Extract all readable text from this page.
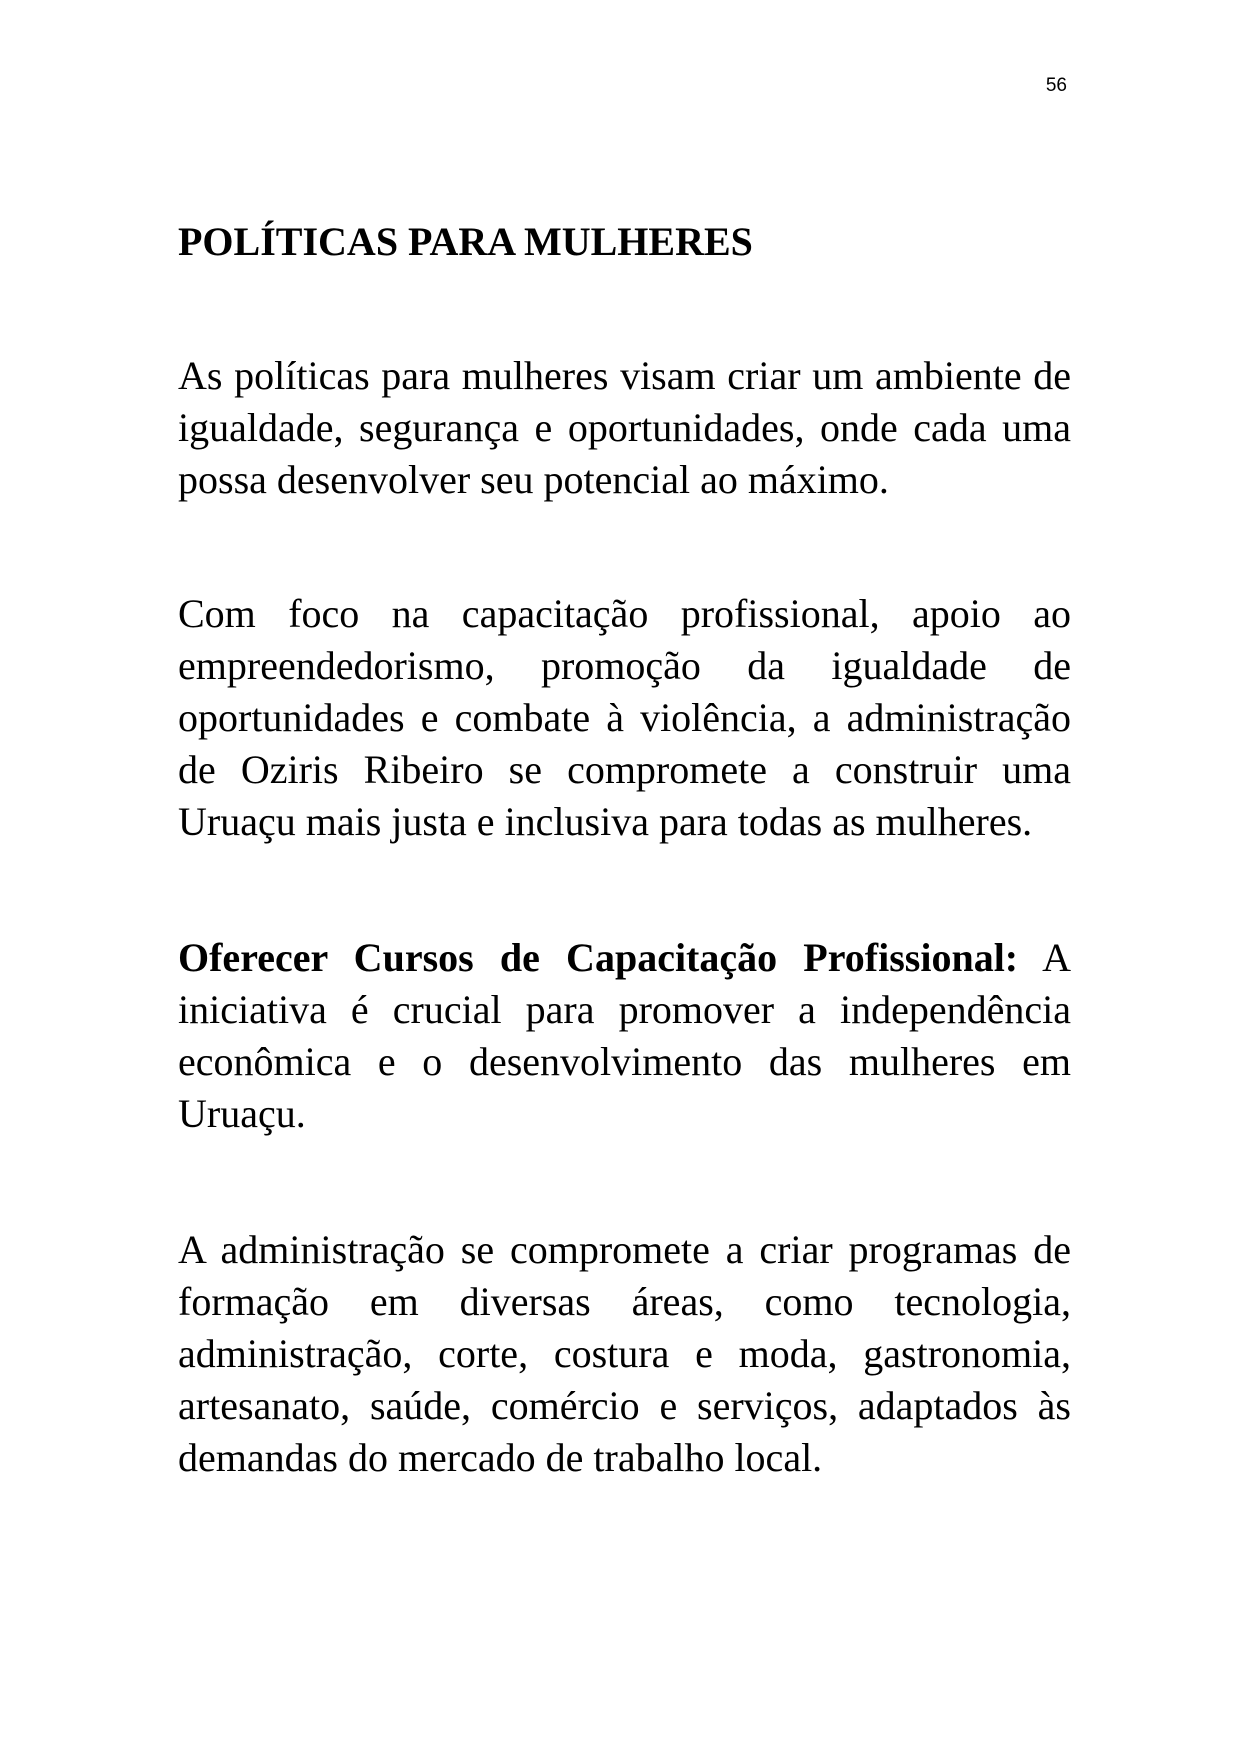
56
POLÍTICAS PARA MULHERES

As políticas para mulheres visam criar um ambiente de igualdade, segurança e oportunidades, onde cada uma possa desenvolver seu potencial ao máximo.

Com foco na capacitação profissional, apoio ao empreendedorismo, promoção da igualdade de oportunidades e combate à violência, a administração de Oziris Ribeiro se compromete a construir uma Uruaçu mais justa e inclusiva para todas as mulheres.

Oferecer Cursos de Capacitação Profissional: A iniciativa é crucial para promover a independência econômica e o desenvolvimento das mulheres em Uruaçu.

A administração se compromete a criar programas de formação em diversas áreas, como tecnologia, administração, corte, costura e moda, gastronomia, artesanato, saúde, comércio e serviços, adaptados às demandas do mercado de trabalho local.
